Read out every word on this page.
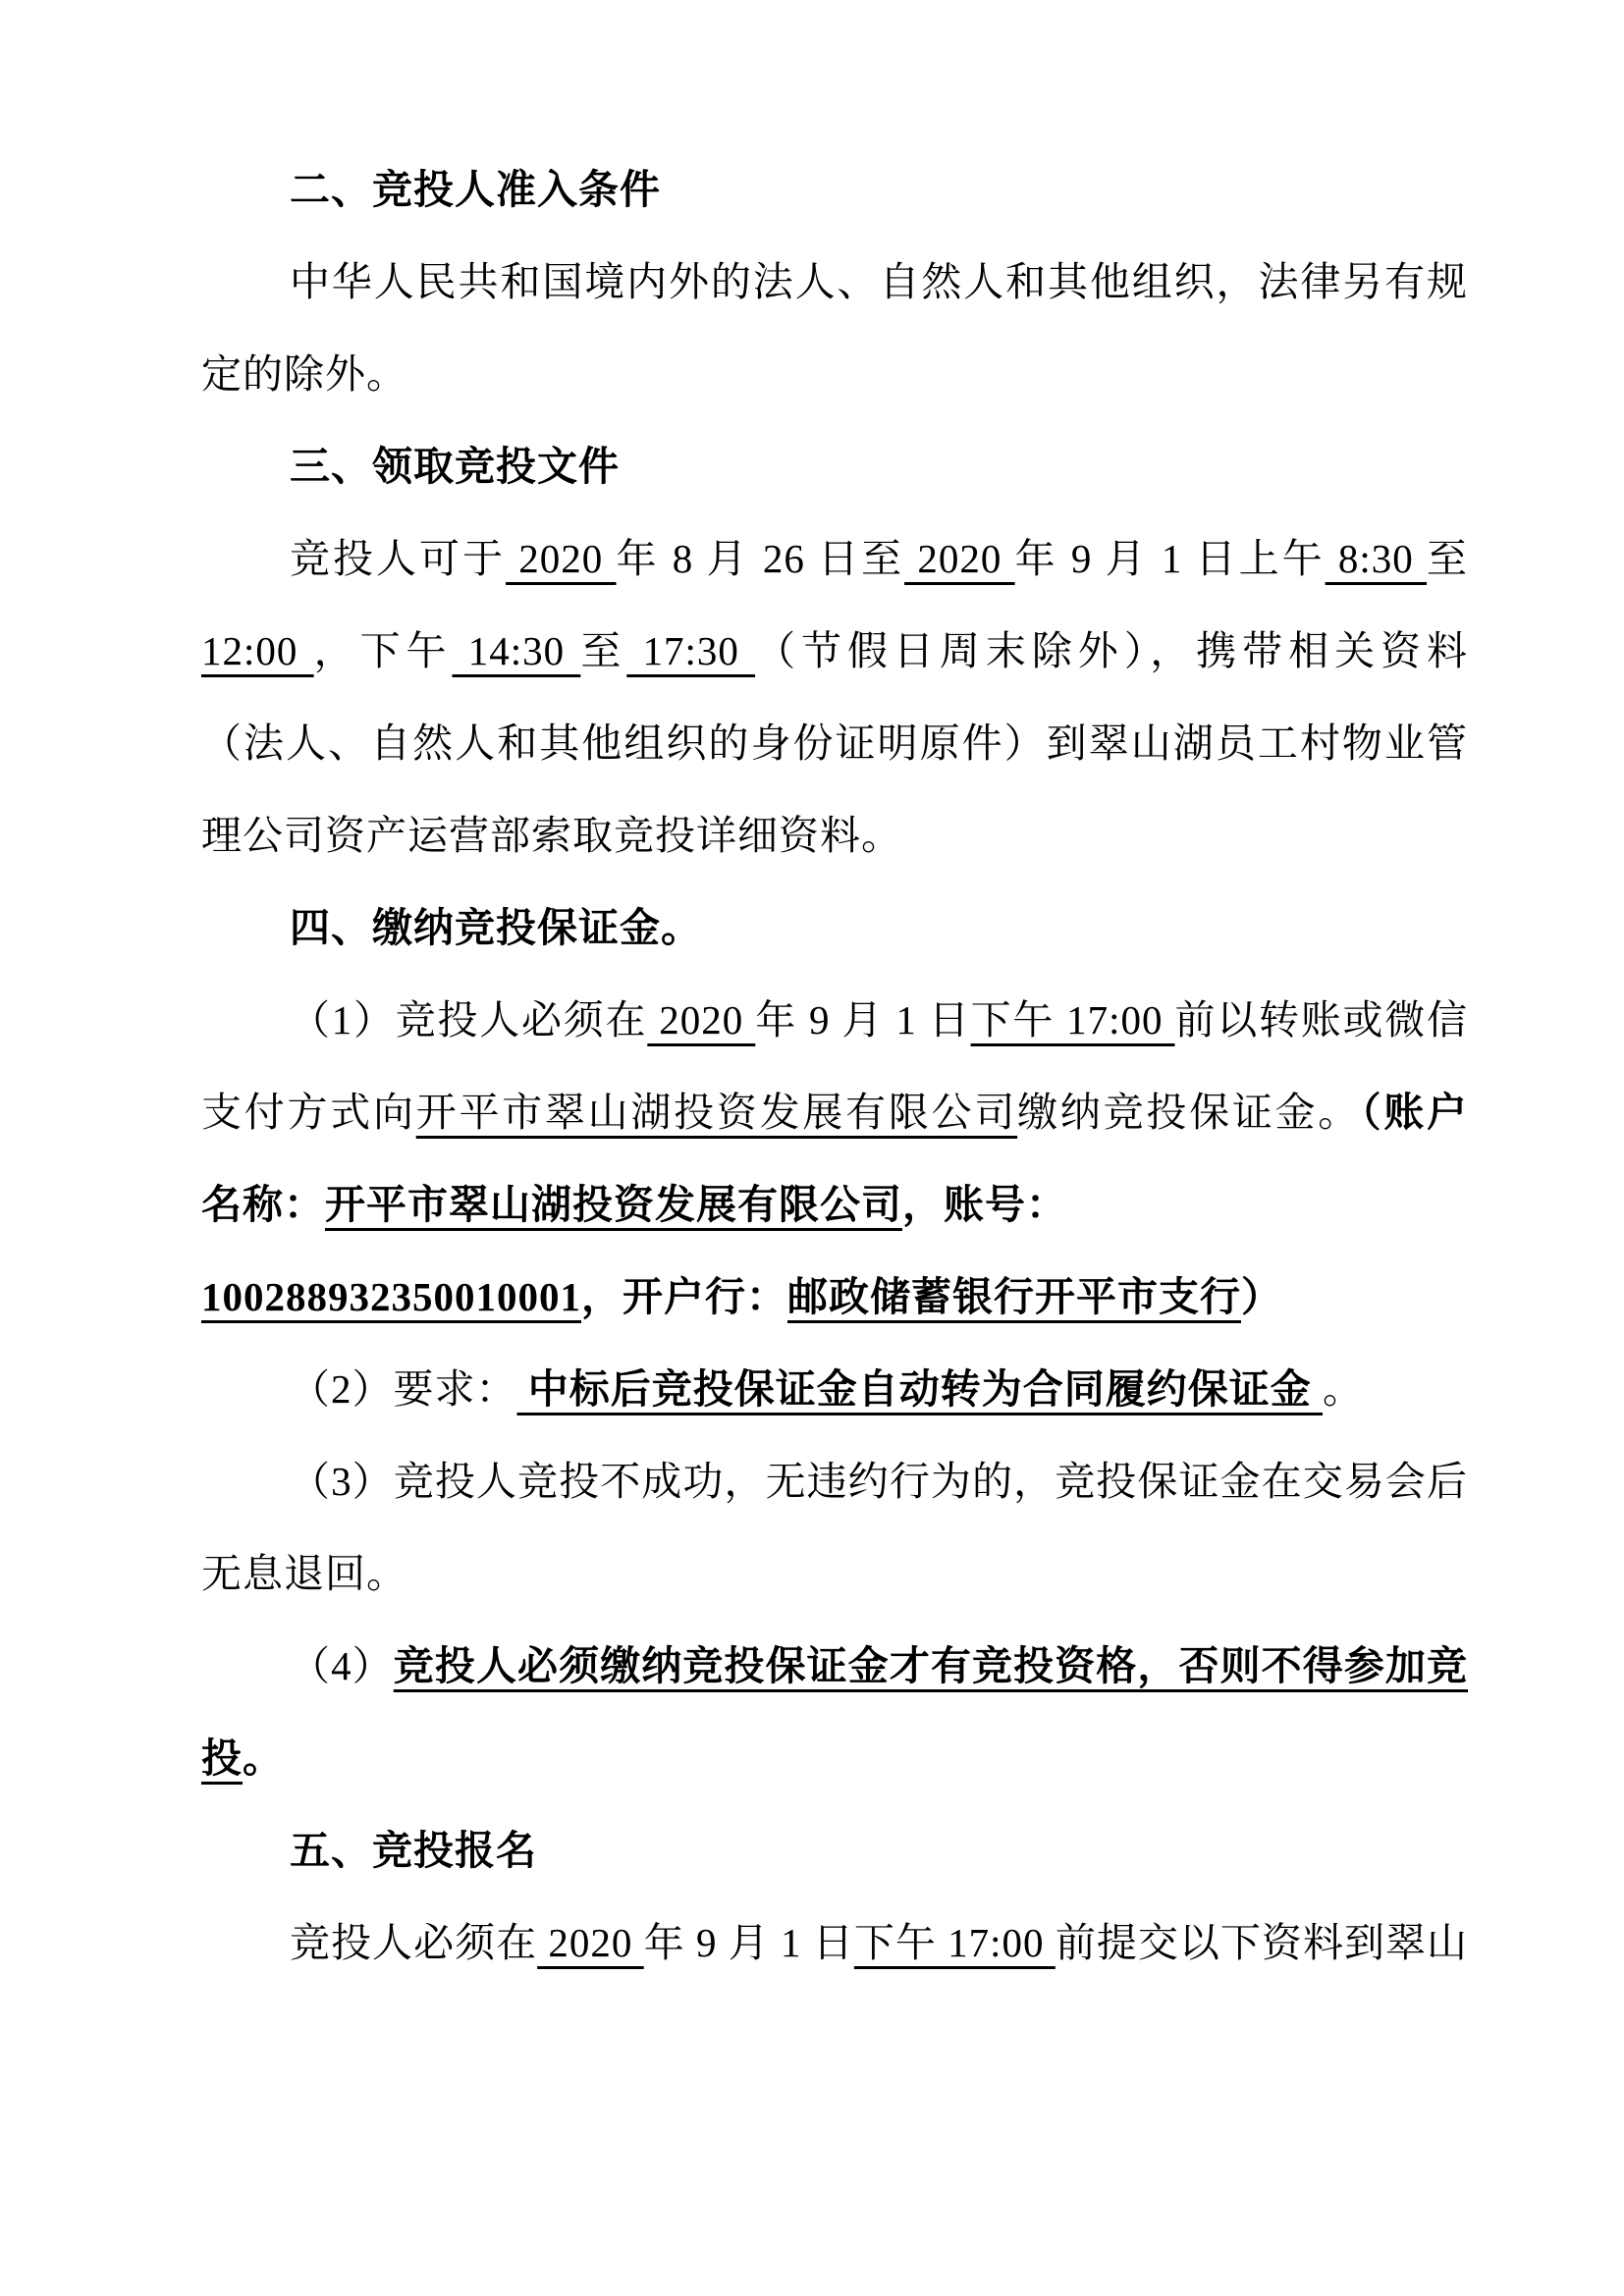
二、竞投人准入条件
中华人民共和国境内外的法人、自然人和其他组织，法律另有规
定的除外。
三、领取竞投文件
竞投人可于 2020 年 8 月 26 日至 2020 年 9 月 1 日上午 8:30 至
12:00 ，下午 14:30 至 17:30 （节假日周末除外），携带相关资料
（法人、自然人和其他组织的身份证明原件）到翠山湖员工村物业管
理公司资产运营部索取竞投详细资料。
四、缴纳竞投保证金。
（1）竞投人必须在 2020 年 9 月 1 日下午 17:00 前以转账或微信
支付方式向开平市翠山湖投资发展有限公司缴纳竞投保证金。（账户
名称：开平市翠山湖投资发展有限公司，账号：
100288932350010001，开户行：邮政储蓄银行开平市支行）
（2）要求： 中标后竞投保证金自动转为合同履约保证金 。
（3）竞投人竞投不成功，无违约行为的，竞投保证金在交易会后
无息退回。
（4）竞投人必须缴纳竞投保证金才有竞投资格，否则不得参加竞
投。
五、竞投报名
竞投人必须在 2020 年 9 月 1 日下午 17:00 前提交以下资料到翠山
